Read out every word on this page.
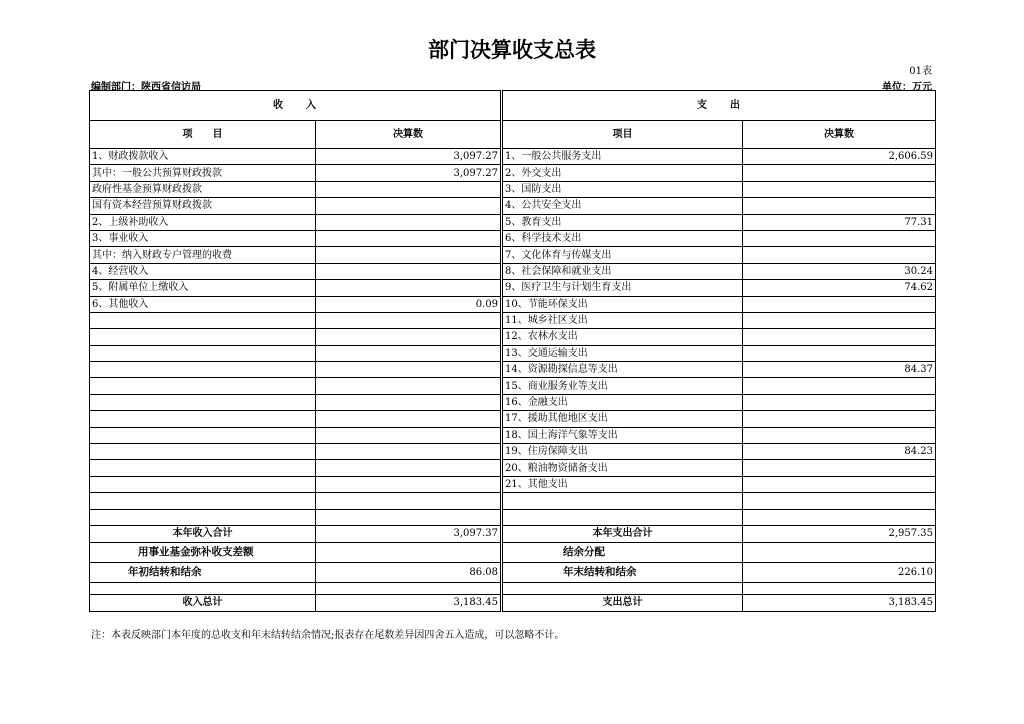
部门决算收支总表
01表
编制部门：陕西省信访局	单位：万元
收　　入			支　　出	
项　　目	决算数		项目	决算数
1、财政拨款收入	3,097.27		1、一般公共服务支出	2,606.59
其中：一般公共预算财政拨款	3,097.27		2、外交支出	
政府性基金预算财政拨款			3、国防支出	
国有资本经营预算财政拨款			4、公共安全支出	
2、上级补助收入			5、教育支出	77.31
3、事业收入			6、科学技术支出	
其中：纳入财政专户管理的收费			7、文化体育与传媒支出	
4、经营收入			8、社会保障和就业支出	30.24
5、附属单位上缴收入			9、医疗卫生与计划生育支出	74.62
6、其他收入	0.09		10、节能环保支出	
			11、城乡社区支出	
			12、农林水支出	
			13、交通运输支出	
			14、资源勘探信息等支出	84.37
			15、商业服务业等支出	
			16、金融支出	
			17、援助其他地区支出	
			18、国土海洋气象等支出	
			19、住房保障支出	84.23
			20、粮油物资储备支出	
			21、其他支出	

本年收入合计	3,097.37		本年支出合计	2,957.35
用事业基金弥补收支差额			结余分配	
年初结转和结余	86.08		年末结转和结余	226.10

收入总计	3,183.45		支出总计	3,183.45
注：本表反映部门本年度的总收支和年末结转结余情况;报表存在尾数差异因四舍五入造成，可以忽略不计。
